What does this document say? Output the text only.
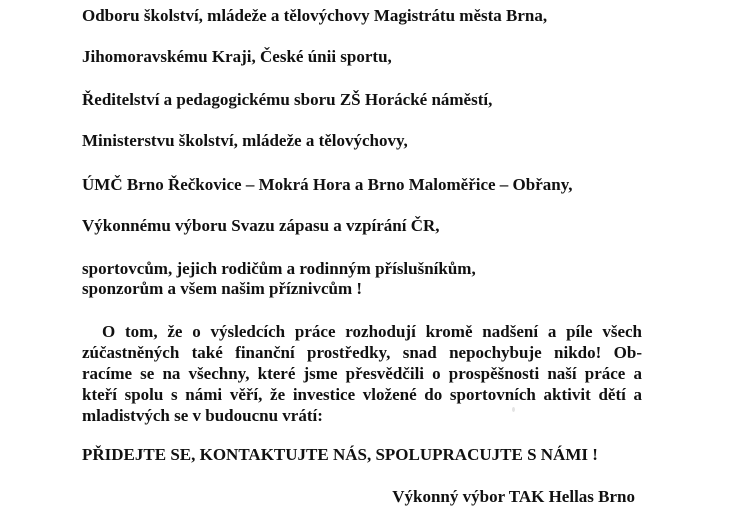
Odboru školství, mládeže a tělovýchovy Magistrátu města Brna,
Jihomoravskému Kraji, České únii sportu,
Ředitelství a pedagogickému sboru ZŠ Horácké náměstí,
Ministerstvu školství, mládeže a tělovýchovy,
ÚMČ Brno Řečkovice – Mokrá Hora a Brno Maloměřice – Obřany,
Výkonnému výboru Svazu zápasu a vzpírání ČR,
sportovcům, jejich rodičům a rodinným příslušníkům,
sponzorům a všem našim příznivcům !
O tom, že o výsledcích práce rozhodují kromě nadšení a píle všech
zúčastněných také finanční prostředky, snad nepochybuje nikdo! Ob-
racíme se na všechny, které jsme přesvědčili o prospěšnosti naší práce a
kteří spolu s námi věří, že investice vložené do sportovních aktivit dětí a
mladistvých se v budoucnu vrátí:
PŘIDEJTE SE, KONTAKTUJTE NÁS, SPOLUPRACUJTE S NÁMI !
Výkonný výbor TAK Hellas Brno
